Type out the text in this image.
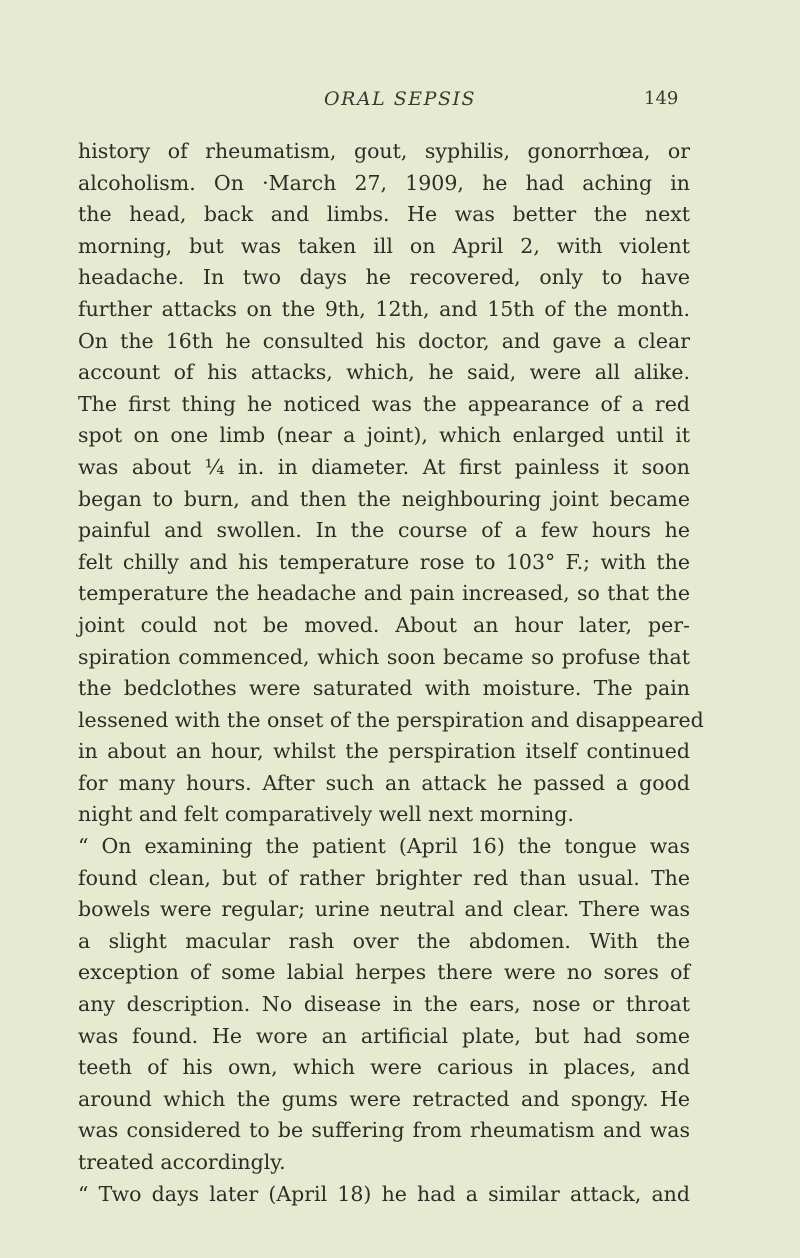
ORAL SEPSIS	149
history of rheumatism, gout, syphilis, gonorrhœa, or
alcoholism. On ·March 27, 1909, he had aching in
the head, back and limbs. He was better the next
morning, but was taken ill on April 2, with violent
headache. In two days he recovered, only to have
further attacks on the 9th, 12th, and 15th of the month.
On the 16th he consulted his doctor, and gave a clear
account of his attacks, which, he said, were all alike.
The first thing he noticed was the appearance of a red
spot on one limb (near a joint), which enlarged until it
was about ¼ in. in diameter. At first painless it soon
began to burn, and then the neighbouring joint became
painful and swollen. In the course of a few hours he
felt chilly and his temperature rose to 103° F.; with the
temperature the headache and pain increased, so that the
joint could not be moved. About an hour later, per-
spiration commenced, which soon became so profuse that
the bedclothes were saturated with moisture. The pain
lessened with the onset of the perspiration and disappeared
in about an hour, whilst the perspiration itself continued
for many hours. After such an attack he passed a good
night and felt comparatively well next morning.
“ On examining the patient (April 16) the tongue was
found clean, but of rather brighter red than usual. The
bowels were regular; urine neutral and clear. There was
a slight macular rash over the abdomen. With the
exception of some labial herpes there were no sores of
any description. No disease in the ears, nose or throat
was found. He wore an artificial plate, but had some
teeth of his own, which were carious in places, and
around which the gums were retracted and spongy. He
was considered to be suffering from rheumatism and was
treated accordingly.
“ Two days later (April 18) he had a similar attack, and
